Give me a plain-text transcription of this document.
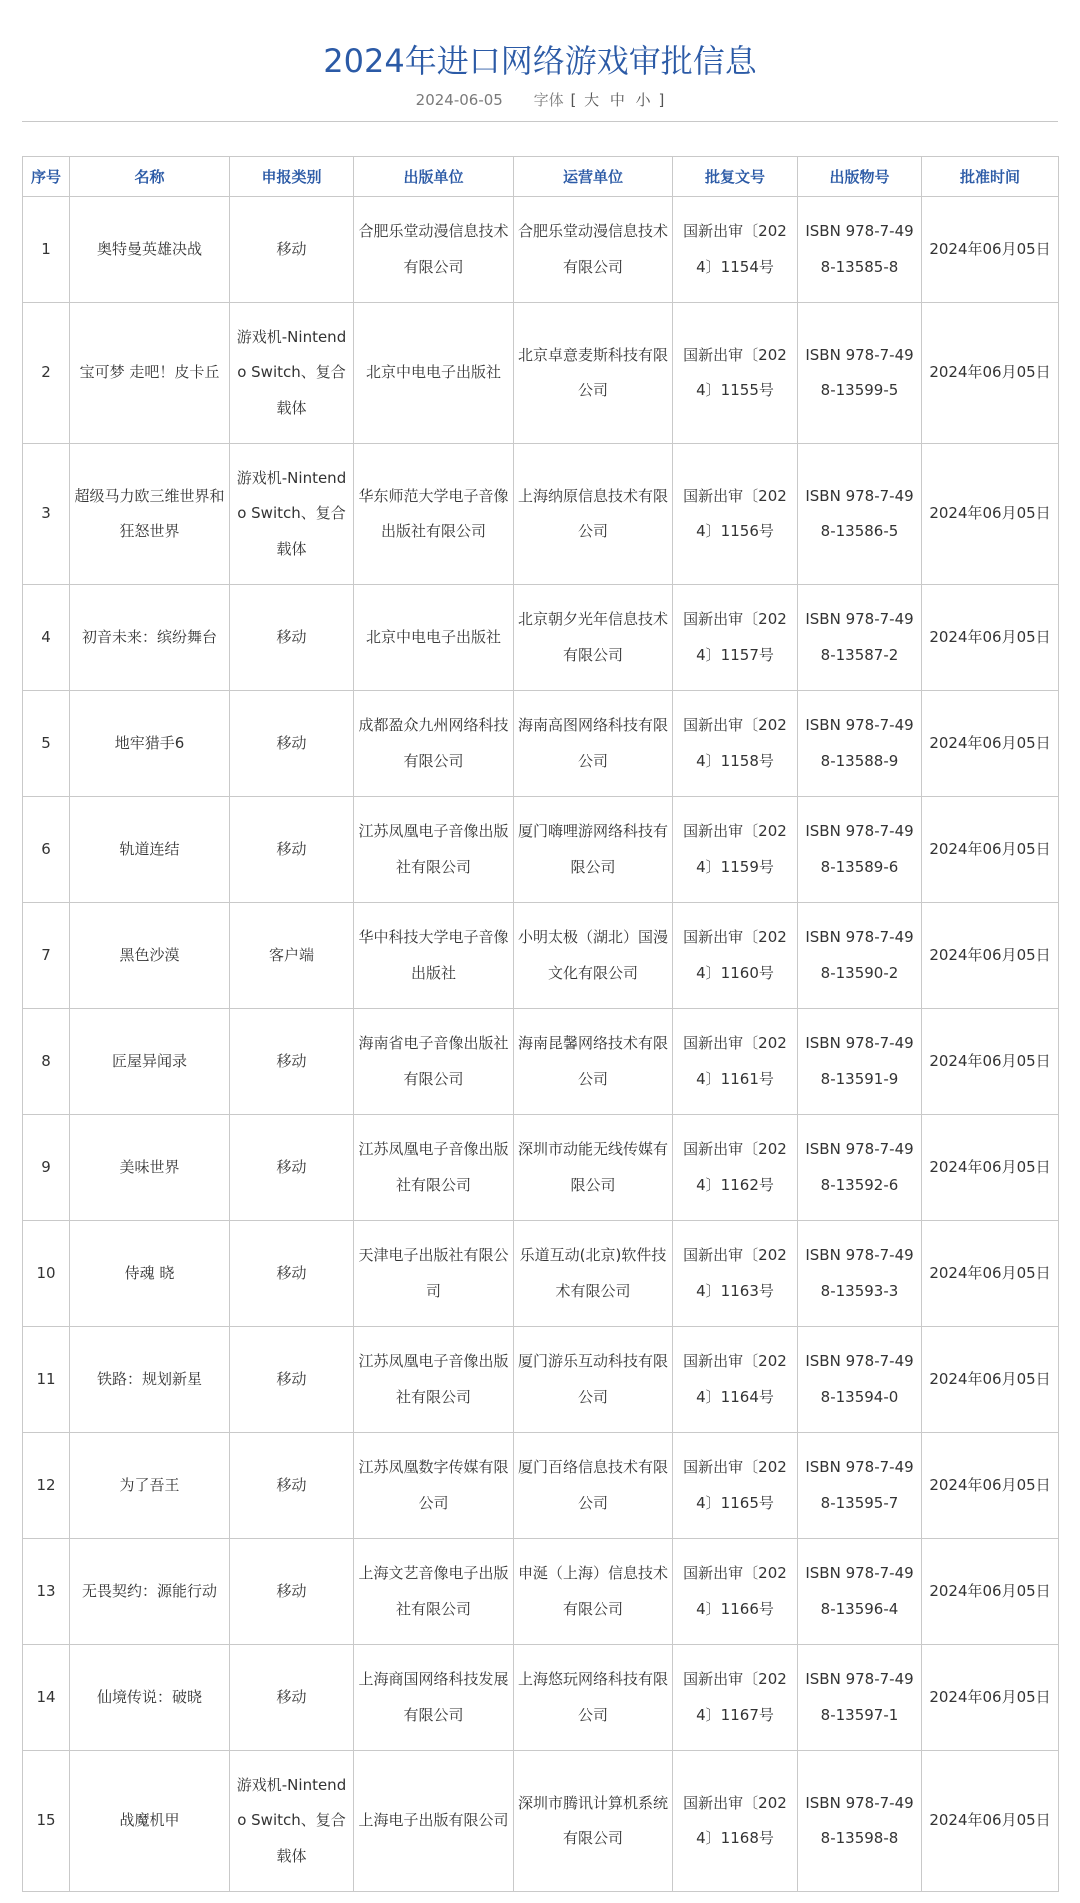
2024年进口网络游戏审批信息
2024-06-05 字体 [ 大 中 小 ]
序号	名称	申报类别	出版单位	运营单位	批复文号	出版物号	批准时间
1	奥特曼英雄决战	移动	合肥乐堂动漫信息技术有限公司	合肥乐堂动漫信息技术有限公司	国新出审〔2024〕1154号	ISBN 978-7-498-13585-8	2024年06月05日
2	宝可梦 走吧！皮卡丘	游戏机-Nintendo Switch、复合载体	北京中电电子出版社	北京卓意麦斯科技有限公司	国新出审〔2024〕1155号	ISBN 978-7-498-13599-5	2024年06月05日
3	超级马力欧三维世界和狂怒世界	游戏机-Nintendo Switch、复合载体	华东师范大学电子音像出版社有限公司	上海纳原信息技术有限公司	国新出审〔2024〕1156号	ISBN 978-7-498-13586-5	2024年06月05日
4	初音未来：缤纷舞台	移动	北京中电电子出版社	北京朝夕光年信息技术有限公司	国新出审〔2024〕1157号	ISBN 978-7-498-13587-2	2024年06月05日
5	地牢猎手6	移动	成都盈众九州网络科技有限公司	海南高图网络科技有限公司	国新出审〔2024〕1158号	ISBN 978-7-498-13588-9	2024年06月05日
6	轨道连结	移动	江苏凤凰电子音像出版社有限公司	厦门嗨哩游网络科技有限公司	国新出审〔2024〕1159号	ISBN 978-7-498-13589-6	2024年06月05日
7	黑色沙漠	客户端	华中科技大学电子音像出版社	小明太极（湖北）国漫文化有限公司	国新出审〔2024〕1160号	ISBN 978-7-498-13590-2	2024年06月05日
8	匠屋异闻录	移动	海南省电子音像出版社有限公司	海南昆馨网络技术有限公司	国新出审〔2024〕1161号	ISBN 978-7-498-13591-9	2024年06月05日
9	美味世界	移动	江苏凤凰电子音像出版社有限公司	深圳市动能无线传媒有限公司	国新出审〔2024〕1162号	ISBN 978-7-498-13592-6	2024年06月05日
10	侍魂 晓	移动	天津电子出版社有限公司	乐道互动(北京)软件技术有限公司	国新出审〔2024〕1163号	ISBN 978-7-498-13593-3	2024年06月05日
11	铁路：规划新星	移动	江苏凤凰电子音像出版社有限公司	厦门游乐互动科技有限公司	国新出审〔2024〕1164号	ISBN 978-7-498-13594-0	2024年06月05日
12	为了吾王	移动	江苏凤凰数字传媒有限公司	厦门百络信息技术有限公司	国新出审〔2024〕1165号	ISBN 978-7-498-13595-7	2024年06月05日
13	无畏契约：源能行动	移动	上海文艺音像电子出版社有限公司	申涎（上海）信息技术有限公司	国新出审〔2024〕1166号	ISBN 978-7-498-13596-4	2024年06月05日
14	仙境传说：破晓	移动	上海商国网络科技发展有限公司	上海悠玩网络科技有限公司	国新出审〔2024〕1167号	ISBN 978-7-498-13597-1	2024年06月05日
15	战魔机甲	游戏机-Nintendo Switch、复合载体	上海电子出版有限公司	深圳市腾讯计算机系统有限公司	国新出审〔2024〕1168号	ISBN 978-7-498-13598-8	2024年06月05日
